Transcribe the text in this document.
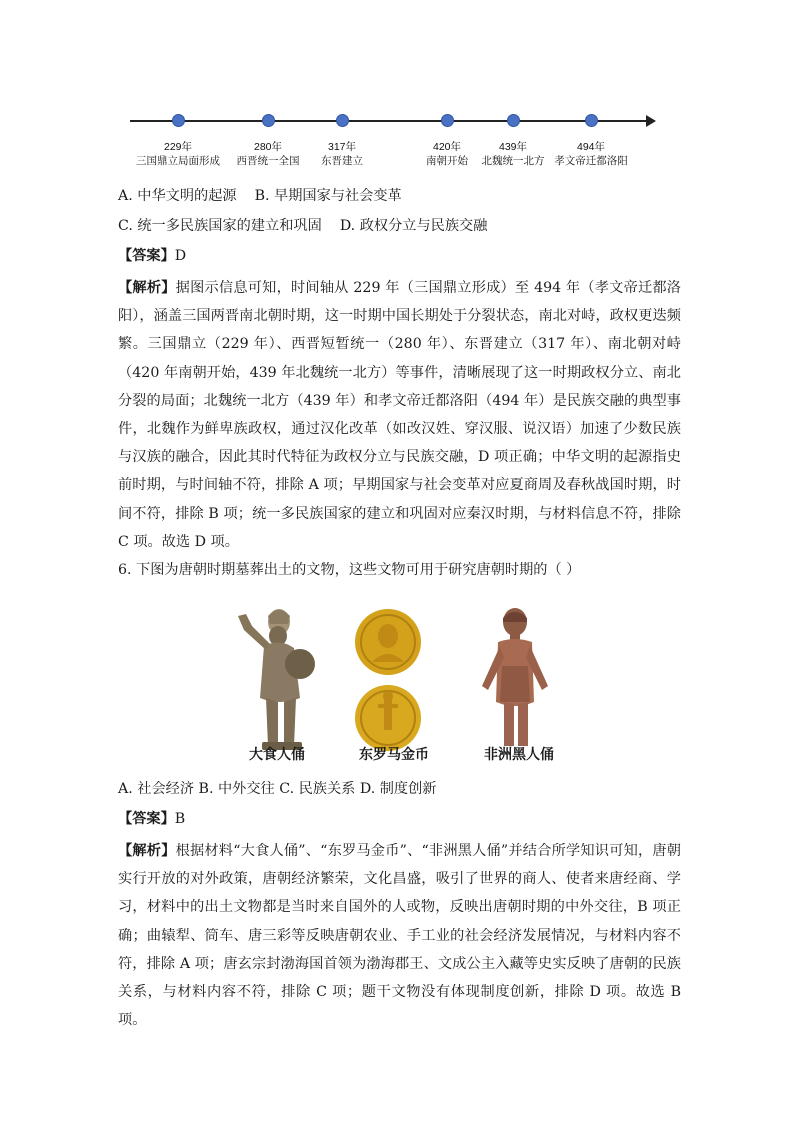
229年
三国鼎立局面形成
280年
西晋统一全国
317年
东晋建立
420年
南朝开始
439年
北魏统一北方
494年
孝文帝迁都洛阳
A. 中华文明的起源 B. 早期国家与社会变革
C. 统一多民族国家的建立和巩固 D. 政权分立与民族交融
【答案】D
【解析】据图示信息可知，时间轴从 229 年（三国鼎立形成）至 494 年（孝文帝迁都洛阳），涵盖三国两晋南北朝时期，这一时期中国长期处于分裂状态，南北对峙，政权更迭频繁。三国鼎立（229 年）、西晋短暂统一（280 年）、东晋建立（317 年）、南北朝对峙（420 年南朝开始，439 年北魏统一北方）等事件，清晰展现了这一时期政权分立、南北分裂的局面；北魏统一北方（439 年）和孝文帝迁都洛阳（494 年）是民族交融的典型事件，北魏作为鲜卑族政权，通过汉化改革（如改汉姓、穿汉服、说汉语）加速了少数民族与汉族的融合，因此其时代特征为政权分立与民族交融，D 项正确；中华文明的起源指史前时期，与时间轴不符，排除 A 项；早期国家与社会变革对应夏商周及春秋战国时期，时间不符，排除 B 项；统一多民族国家的建立和巩固对应秦汉时期，与材料信息不符，排除 C 项。故选 D 项。
6. 下图为唐朝时期墓葬出土的文物，这些文物可用于研究唐朝时期的（ ）
大食人俑	东罗马金币	非洲黑人俑
A. 社会经济 B. 中外交往 C. 民族关系 D. 制度创新
【答案】B
【解析】根据材料“大食人俑”、“东罗马金币”、“非洲黑人俑”并结合所学知识可知，唐朝实行开放的对外政策，唐朝经济繁荣，文化昌盛，吸引了世界的商人、使者来唐经商、学习，材料中的出土文物都是当时来自国外的人或物，反映出唐朝时期的中外交往，B 项正确；曲辕犁、筒车、唐三彩等反映唐朝农业、手工业的社会经济发展情况，与材料内容不符，排除 A 项；唐玄宗封渤海国首领为渤海郡王、文成公主入藏等史实反映了唐朝的民族关系，与材料内容不符，排除 C 项；题干文物没有体现制度创新，排除 D 项。故选 B 项。
